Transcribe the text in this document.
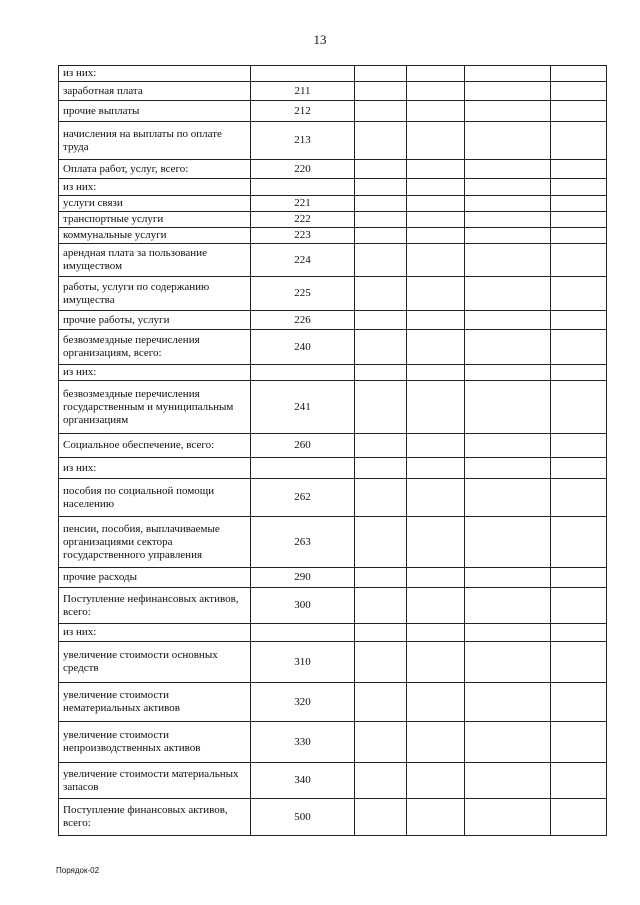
13
из них:					
заработная плата	211				
прочие выплаты	212				
начисления на выплаты по оплате труда	213				
Оплата работ, услуг, всего:	220				
из них:					
услуги связи	221				
транспортные услуги	222				
коммунальные услуги	223				
арендная плата за пользование имуществом	224				
работы, услуги по содержанию имущества	225				
прочие работы, услуги	226				
безвозмездные перечисления организациям, всего:	240				
из них:					
безвозмездные перечисления государственным и муниципальным организациям	241				
Социальное обеспечение, всего:	260				
из них:					
пособия по социальной помощи населению	262				
пенсии, пособия, выплачиваемые организациями сектора государственного управления	263				
прочие расходы	290				
Поступление нефинансовых активов, всего:	300				
из них:					
увеличение стоимости основных средств	310				
увеличение стоимости нематериальных активов	320				
увеличение стоимости непроизводственных активов	330				
увеличение стоимости материальных запасов	340				
Поступление финансовых активов, всего:	500				
Порядок-02
